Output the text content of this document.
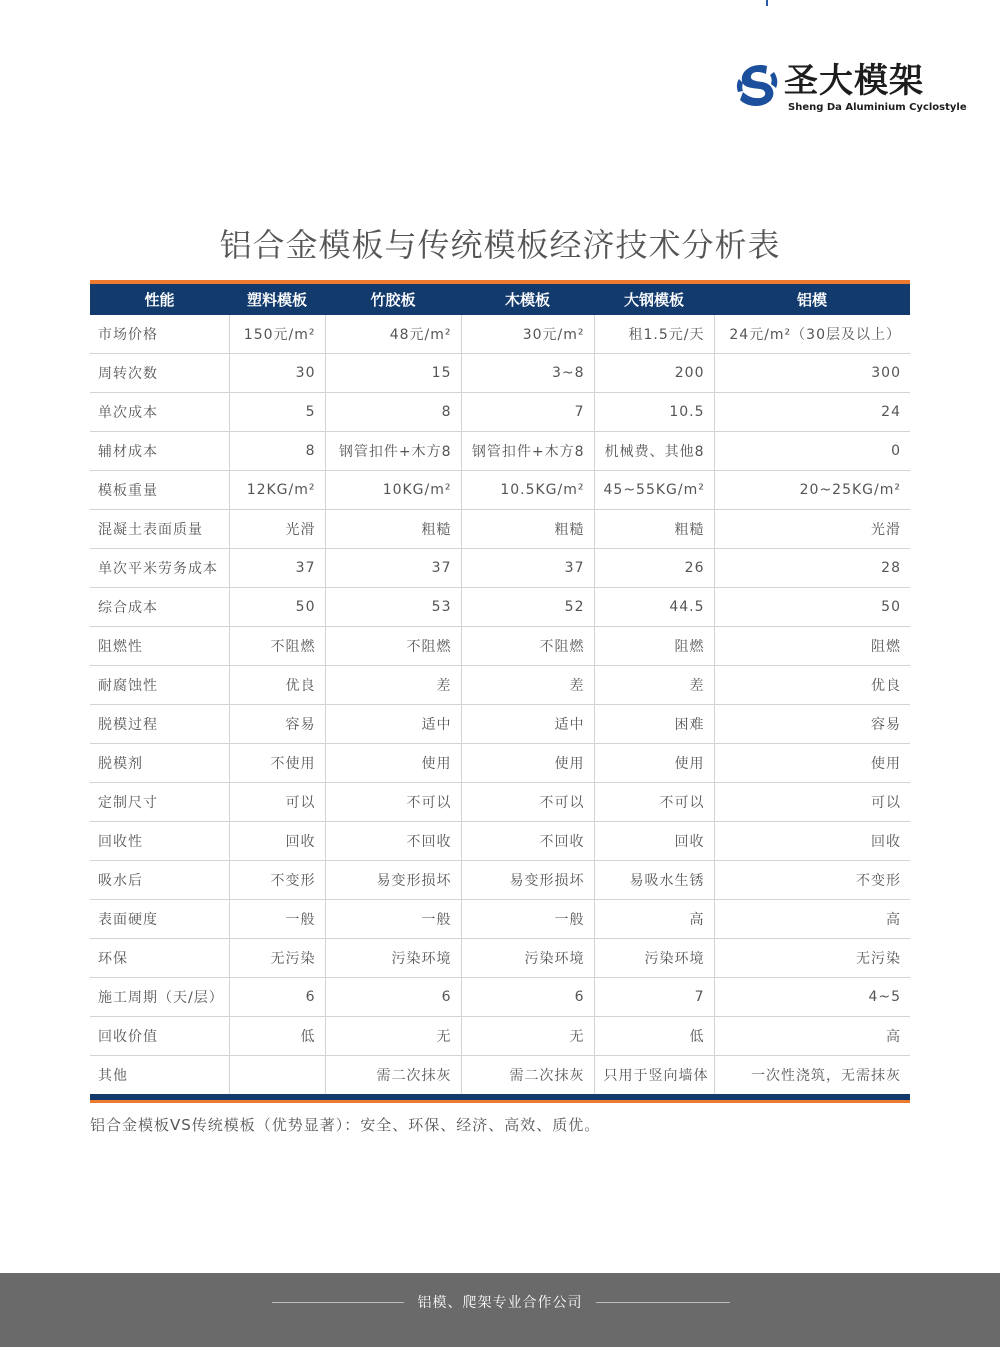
圣大模架
Sheng Da Aluminium Cyclostyle
铝合金模板与传统模板经济技术分析表
性能	塑料模板	竹胶板	木模板	大钢模板	铝模
市场价格	150元/m²	48元/m²	30元/m²	租1.5元/天	24元/m²（30层及以上）
周转次数	30	15	3~8	200	300
单次成本	5	8	7	10.5	24
辅材成本	8	钢管扣件+木方8	钢管扣件+木方8	机械费、其他8	0
模板重量	12KG/m²	10KG/m²	10.5KG/m²	45~55KG/m²	20~25KG/m²
混凝土表面质量	光滑	粗糙	粗糙	粗糙	光滑
单次平米劳务成本	37	37	37	26	28
综合成本	50	53	52	44.5	50
阻燃性	不阻燃	不阻燃	不阻燃	阻燃	阻燃
耐腐蚀性	优良	差	差	差	优良
脱模过程	容易	适中	适中	困难	容易
脱模剂	不使用	使用	使用	使用	使用
定制尺寸	可以	不可以	不可以	不可以	可以
回收性	回收	不回收	不回收	回收	回收
吸水后	不变形	易变形损坏	易变形损坏	易吸水生锈	不变形
表面硬度	一般	一般	一般	高	高
环保	无污染	污染环境	污染环境	污染环境	无污染
施工周期（天/层）	6	6	6	7	4~5
回收价值	低	无	无	低	高
其他		需二次抹灰	需二次抹灰	只用于竖向墙体	一次性浇筑，无需抹灰
铝合金模板VS传统模板（优势显著）：安全、环保、经济、高效、质优。
铝模、爬架专业合作公司
